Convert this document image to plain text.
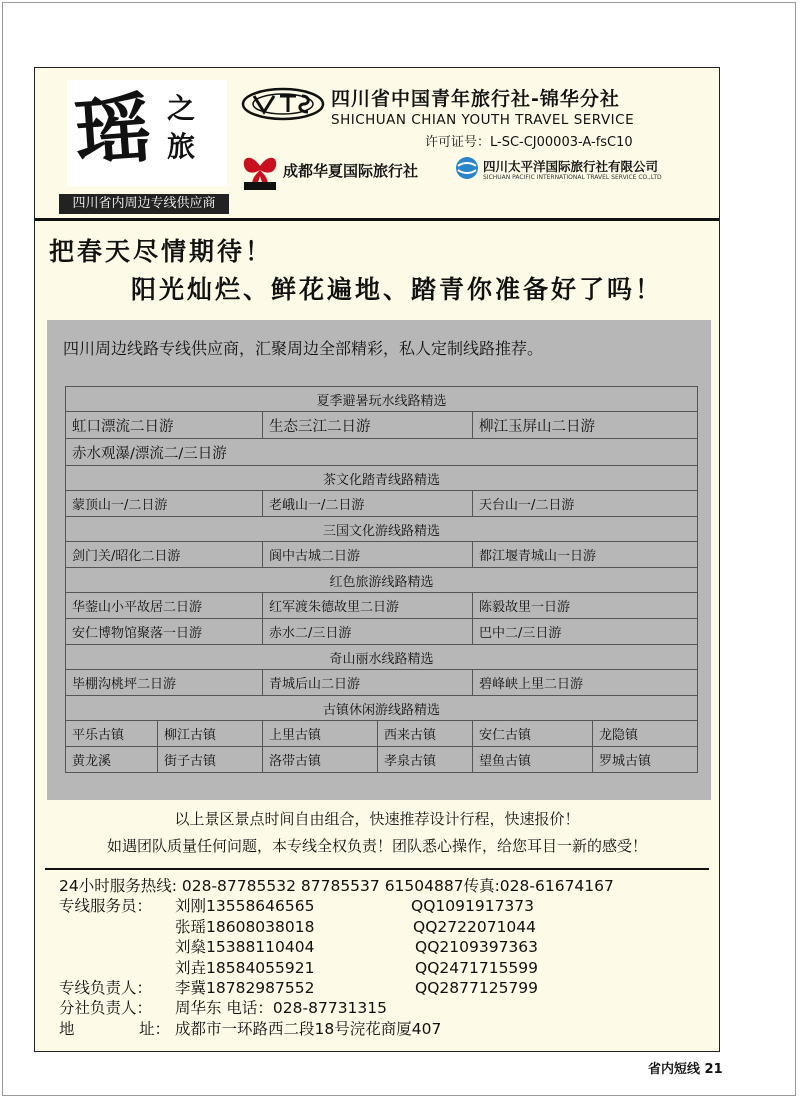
瑶 之
旅
四川省内周边专线供应商
四川省中国青年旅行社-锦华分社
SHICHUAN CHIAN YOUTH TRAVEL SERVICE
许可证号：L-SC-CJ00003-A-fsC10
成都华夏国际旅行社	四川太平洋国际旅行社有限公司
SICHUAN PACIFIC INTERNATIONAL TRAVEL SERVICE CO.,LTD
把春天尽情期待！
阳光灿烂、鲜花遍地、踏青你准备好了吗！
四川周边线路专线供应商，汇聚周边全部精彩，私人定制线路推荐。
夏季避暑玩水线路精选					
虹口漂流二日游		生态三江二日游		柳江玉屏山二日游	
赤水观瀑/漂流二/三日游					
茶文化踏青线路精选					
蒙顶山一/二日游		老峨山一/二日游		天台山一/二日游	
三国文化游线路精选					
剑门关/昭化二日游		阆中古城二日游		都江堰青城山一日游	
红色旅游线路精选					
华蓥山小平故居二日游		红军渡朱德故里二日游		陈毅故里一日游	
安仁博物馆聚落一日游		赤水二/三日游		巴中二/三日游	
奇山丽水线路精选					
毕棚沟桃坪二日游		青城后山二日游		碧峰峡上里二日游	
古镇休闲游线路精选					
平乐古镇	柳江古镇	上里古镇	西来古镇	安仁古镇	龙隐镇
黄龙溪	街子古镇	洛带古镇	孝泉古镇	望鱼古镇	罗城古镇
以上景区景点时间自由组合，快速推荐设计行程，快速报价！
如遇团队质量任何问题，本专线全权负责！团队悉心操作，给您耳目一新的感受！
24小时服务热线: 028-87785532 87785537 61504887传真:028-61674167
专线服务员： 刘刚13558646565	QQ1091917373
张瑶18608038018	QQ2722071044
刘燊15388110404	QQ2109397363
刘垚18584055921	QQ2471715599
专线负责人： 李冀18782987552	QQ2877125799
分社负责人： 周华东 电话：028-87731315
地	址： 成都市一环路西二段18号浣花商厦407
省内短线 21
